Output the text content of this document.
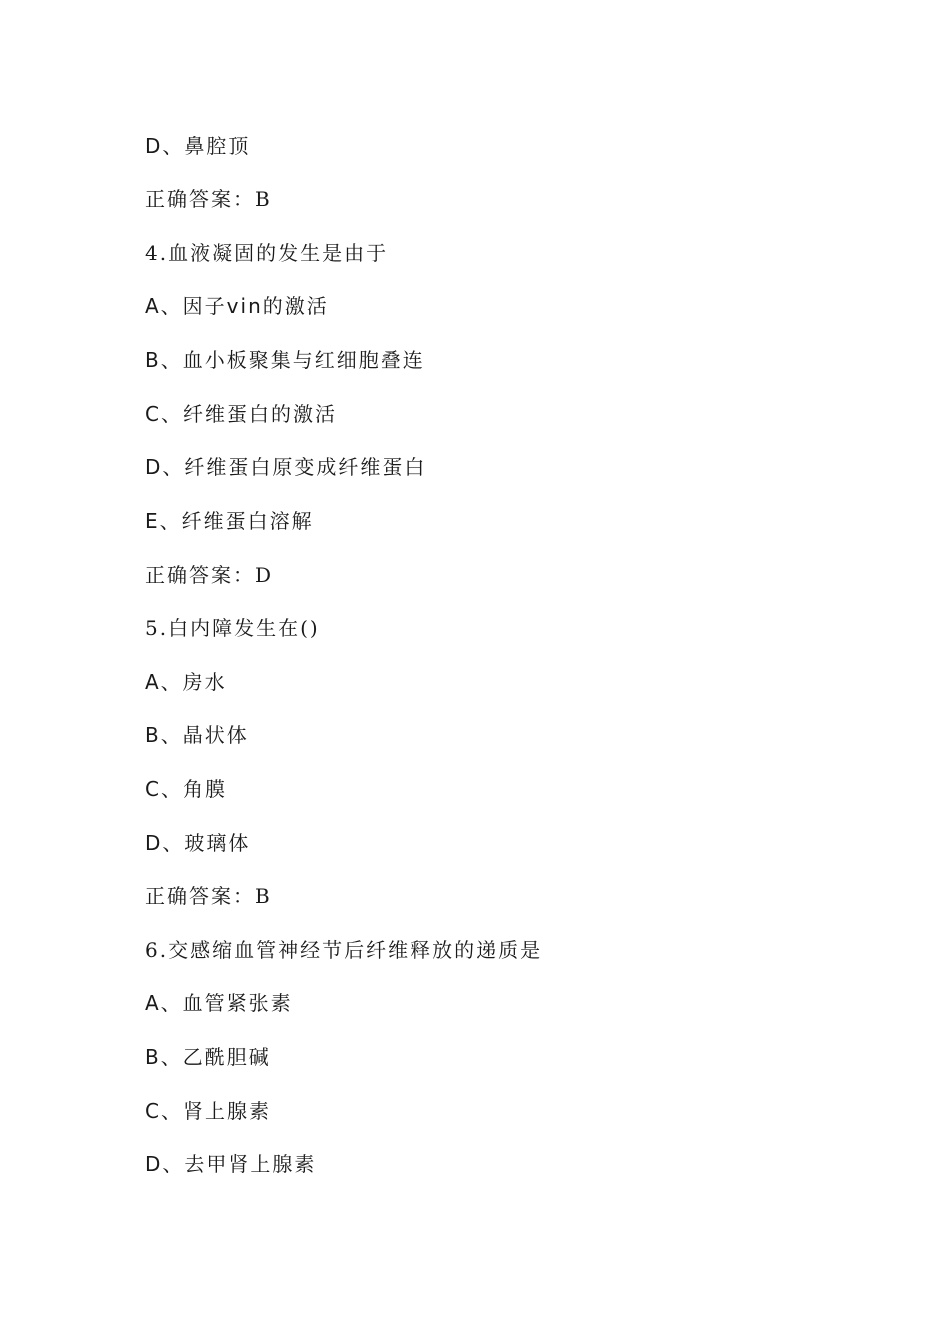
D、鼻腔顶
正确答案：B
4.血液凝固的发生是由于
A、因子vin的激活
B、血小板聚集与红细胞叠连
C、纤维蛋白的激活
D、纤维蛋白原变成纤维蛋白
E、纤维蛋白溶解
正确答案：D
5.白内障发生在()
A、房水
B、晶状体
C、角膜
D、玻璃体
正确答案：B
6.交感缩血管神经节后纤维释放的递质是
A、血管紧张素
B、乙酰胆碱
C、肾上腺素
D、去甲肾上腺素
